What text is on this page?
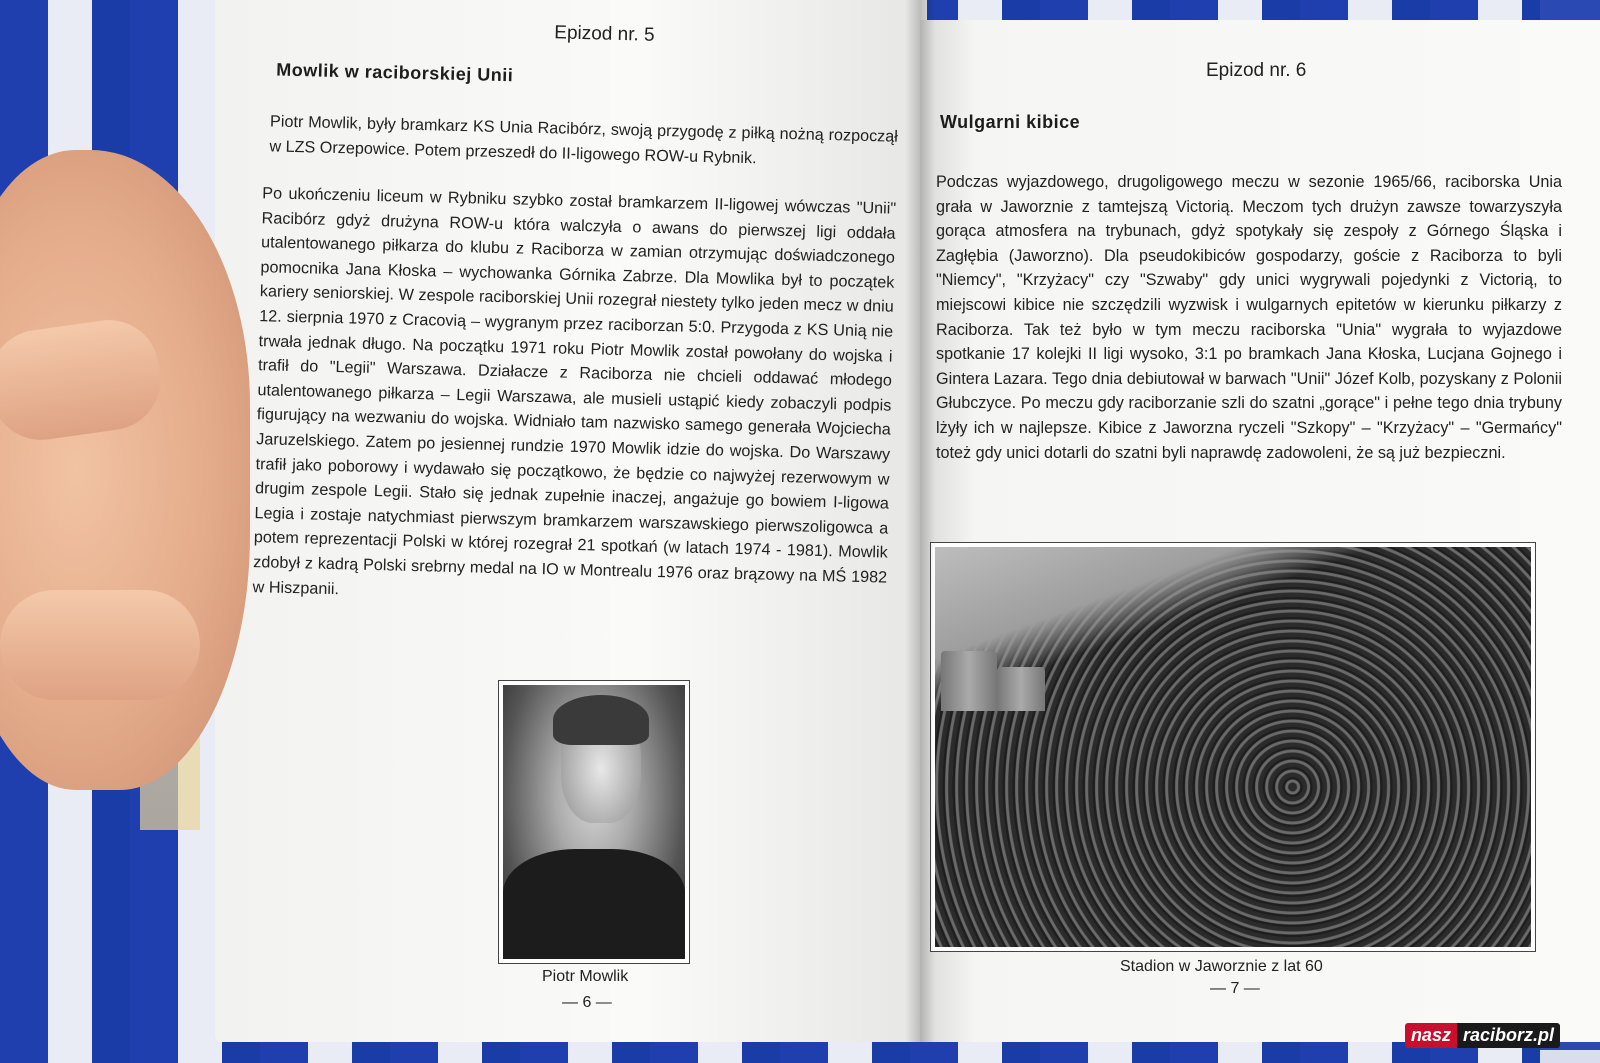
Epizod nr. 5
Mowlik w raciborskiej Unii
Piotr Mowlik, były bramkarz KS Unia Racibórz, swoją przygodę z piłką nożną rozpoczął w LZS Orzepowice. Potem przeszedł do II-ligowego ROW-u Rybnik.
Po ukończeniu liceum w Rybniku szybko został bramkarzem II-ligowej wówczas "Unii" Racibórz gdyż drużyna ROW-u która walczyła o awans do pierwszej ligi oddała utalentowanego piłkarza do klubu z Raciborza w zamian otrzymując doświadczonego pomocnika Jana Kłoska – wychowanka Górnika Zabrze. Dla Mowlika był to początek kariery seniorskiej. W zespole raciborskiej Unii rozegrał niestety tylko jeden mecz w dniu 12. sierpnia 1970 z Cracovią – wygranym przez raciborzan 5:0. Przygoda z KS Unią nie trwała jednak długo. Na początku 1971 roku Piotr Mowlik został powołany do wojska i trafił do "Legii" Warszawa. Działacze z Raciborza nie chcieli oddawać młodego utalentowanego piłkarza – Legii Warszawa, ale musieli ustąpić kiedy zobaczyli podpis figurujący na wezwaniu do wojska. Widniało tam nazwisko samego generała Wojciecha Jaruzelskiego. Zatem po jesiennej rundzie 1970 Mowlik idzie do wojska. Do Warszawy trafił jako poborowy i wydawało się początkowo, że będzie co najwyżej rezerwowym w drugim zespole Legii. Stało się jednak zupełnie inaczej, angażuje go bowiem I-ligowa Legia i zostaje natychmiast pierwszym bramkarzem warszawskiego pierwszoligowca a potem reprezentacji Polski w której rozegrał 21 spotkań (w latach 1974 - 1981). Mowlik zdobył z kadrą Polski srebrny medal na IO w Montrealu 1976 oraz brązowy na MŚ 1982 w Hiszpanii.
Piotr Mowlik
— 6 —
Epizod nr. 6
Wulgarni kibice
Podczas wyjazdowego, drugoligowego meczu w sezonie 1965/66, raciborska Unia grała w Jaworznie z tamtejszą Victorią. Meczom tych drużyn zawsze towarzyszyła gorąca atmosfera na trybunach, gdyż spotykały się zespoły z Górnego Śląska i Zagłębia (Jaworzno). Dla pseudokibiców gospodarzy, goście z Raciborza to byli "Niemcy", "Krzyżacy" czy "Szwaby" gdy unici wygrywali pojedynki z Victorią, to miejscowi kibice nie szczędzili wyzwisk i wulgarnych epitetów w kierunku piłkarzy z Raciborza. Tak też było w tym meczu raciborska "Unia" wygrała to wyjazdowe spotkanie 17 kolejki II ligi wysoko, 3:1 po bramkach Jana Kłoska, Lucjana Gojnego i Gintera Lazara. Tego dnia debiutował w barwach "Unii" Józef Kolb, pozyskany z Polonii Głubczyce. Po meczu gdy raciborzanie szli do szatni „gorące" i pełne tego dnia trybuny lżyły ich w najlepsze. Kibice z Jaworzna ryczeli "Szkopy" – "Krzyżacy" – "Germańcy" toteż gdy unici dotarli do szatni byli naprawdę zadowoleni, że są już bezpieczni.
Stadion w Jaworznie z lat 60
— 7 —
nasz raciborz.pl
